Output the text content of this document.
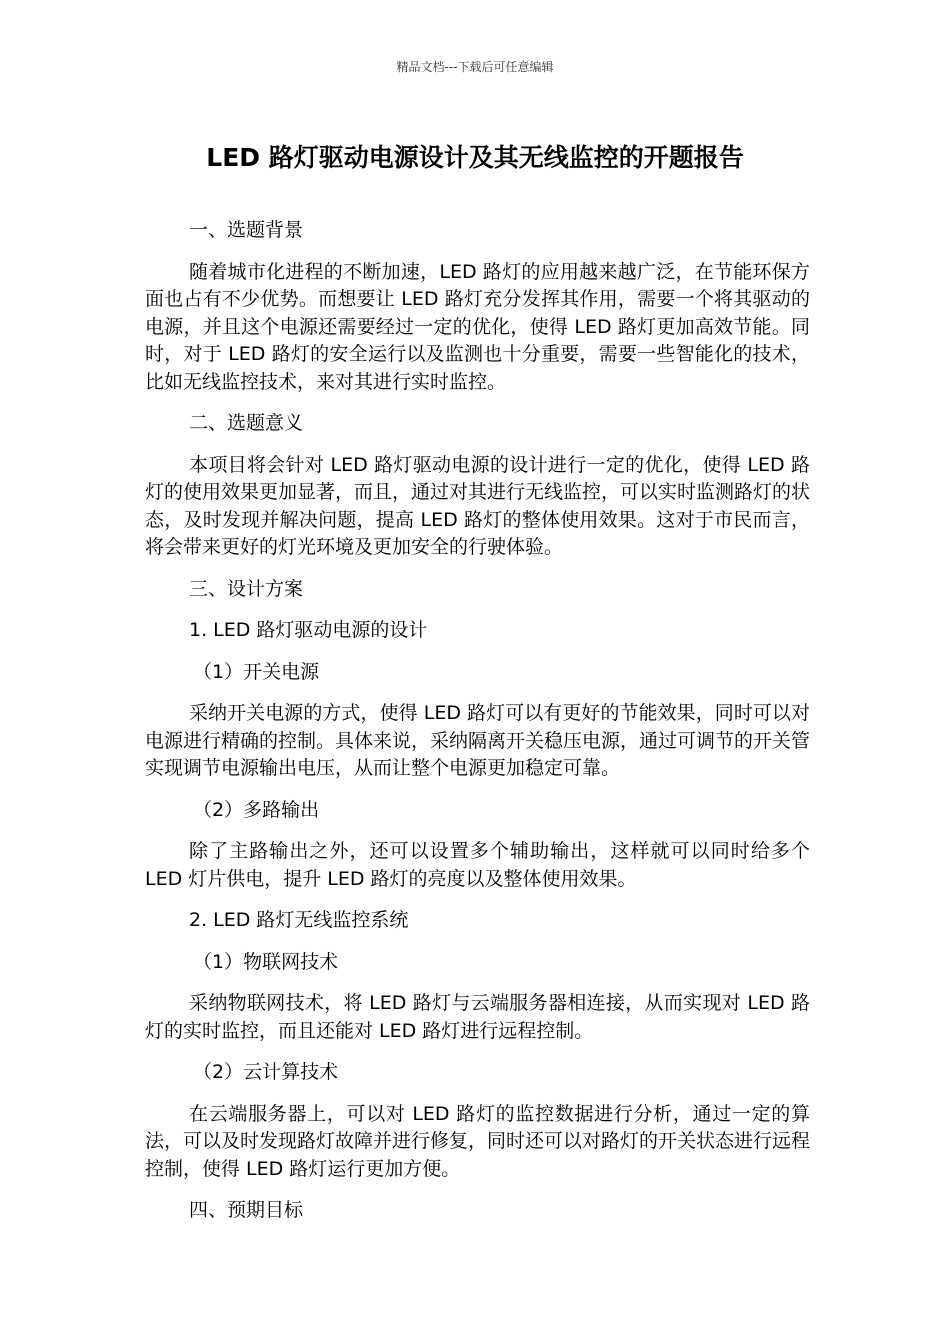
精品文档---下载后可任意编辑
LED 路灯驱动电源设计及其无线监控的开题报告

一、选题背景

随着城市化进程的不断加速，LED 路灯的应用越来越广泛，在节能环保方面也占有不少优势。而想要让 LED 路灯充分发挥其作用，需要一个将其驱动的电源，并且这个电源还需要经过一定的优化，使得 LED 路灯更加高效节能。同时，对于 LED 路灯的安全运行以及监测也十分重要，需要一些智能化的技术，比如无线监控技术，来对其进行实时监控。

二、选题意义

本项目将会针对 LED 路灯驱动电源的设计进行一定的优化，使得 LED 路灯的使用效果更加显著，而且，通过对其进行无线监控，可以实时监测路灯的状态，及时发现并解决问题，提高 LED 路灯的整体使用效果。这对于市民而言，将会带来更好的灯光环境及更加安全的行驶体验。

三、设计方案

1. LED 路灯驱动电源的设计

（1）开关电源

采纳开关电源的方式，使得 LED 路灯可以有更好的节能效果，同时可以对电源进行精确的控制。具体来说，采纳隔离开关稳压电源，通过可调节的开关管实现调节电源输出电压，从而让整个电源更加稳定可靠。

（2）多路输出

除了主路输出之外，还可以设置多个辅助输出，这样就可以同时给多个 LED 灯片供电，提升 LED 路灯的亮度以及整体使用效果。

2. LED 路灯无线监控系统

（1）物联网技术

采纳物联网技术，将 LED 路灯与云端服务器相连接，从而实现对 LED 路灯的实时监控，而且还能对 LED 路灯进行远程控制。

（2）云计算技术

在云端服务器上，可以对 LED 路灯的监控数据进行分析，通过一定的算法，可以及时发现路灯故障并进行修复，同时还可以对路灯的开关状态进行远程控制，使得 LED 路灯运行更加方便。

四、预期目标
